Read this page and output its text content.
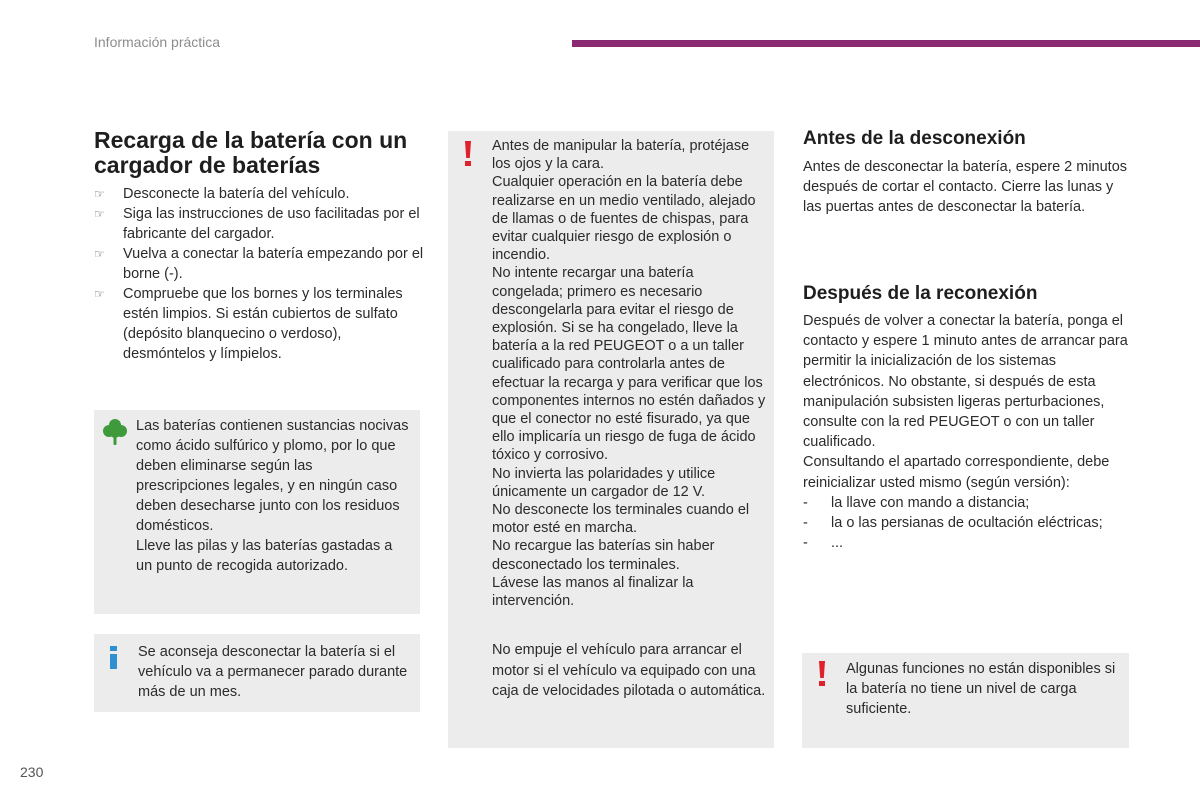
Información práctica
Recarga de la batería con un cargador de baterías
☞ Desconecte la batería del vehículo.
☞ Siga las instrucciones de uso facilitadas por el fabricante del cargador.
☞ Vuelva a conectar la batería empezando por el borne (-).
☞ Compruebe que los bornes y los terminales estén limpios. Si están cubiertos de sulfato (depósito blanquecino o verdoso), desmóntelos y límpielos.

Las baterías contienen sustancias nocivas como ácido sulfúrico y plomo, por lo que deben eliminarse según las prescripciones legales, y en ningún caso deben desecharse junto con los residuos domésticos.

Lleve las pilas y las baterías gastadas a un punto de recogida autorizado.

Se aconseja desconectar la batería si el vehículo va a permanecer parado durante más de un mes.

Antes de manipular la batería, protéjase los ojos y la cara.

Cualquier operación en la batería debe realizarse en un medio ventilado, alejado de llamas o de fuentes de chispas, para evitar cualquier riesgo de explosión o incendio.

No intente recargar una batería congelada; primero es necesario descongelarla para evitar el riesgo de explosión. Si se ha congelado, lleve la batería a la red PEUGEOT o a un taller cualificado para controlarla antes de efectuar la recarga y para verificar que los componentes internos no estén dañados y que el conector no esté fisurado, ya que ello implicaría un riesgo de fuga de ácido tóxico y corrosivo.

No invierta las polaridades y utilice únicamente un cargador de 12 V.

No desconecte los terminales cuando el motor esté en marcha.

No recargue las baterías sin haber desconectado los terminales.

Lávese las manos al finalizar la intervención.

No empuje el vehículo para arrancar el motor si el vehículo va equipado con una caja de velocidades pilotada o automática.

Antes de la desconexión
Antes de desconectar la batería, espere 2 minutos después de cortar el contacto. Cierre las lunas y las puertas antes de desconectar la batería.
Después de la reconexión

Después de volver a conectar la batería, ponga el contacto y espere 1 minuto antes de arrancar para permitir la inicialización de los sistemas electrónicos. No obstante, si después de esta manipulación subsisten ligeras perturbaciones, consulte con la red PEUGEOT o con un taller cualificado.

Consultando el apartado correspondiente, debe reinicializar usted mismo (según versión):

- la llave con mando a distancia;
- la o las persianas de ocultación eléctricas;
- ...

Algunas funciones no están disponibles si la batería no tiene un nivel de carga suficiente.

230
